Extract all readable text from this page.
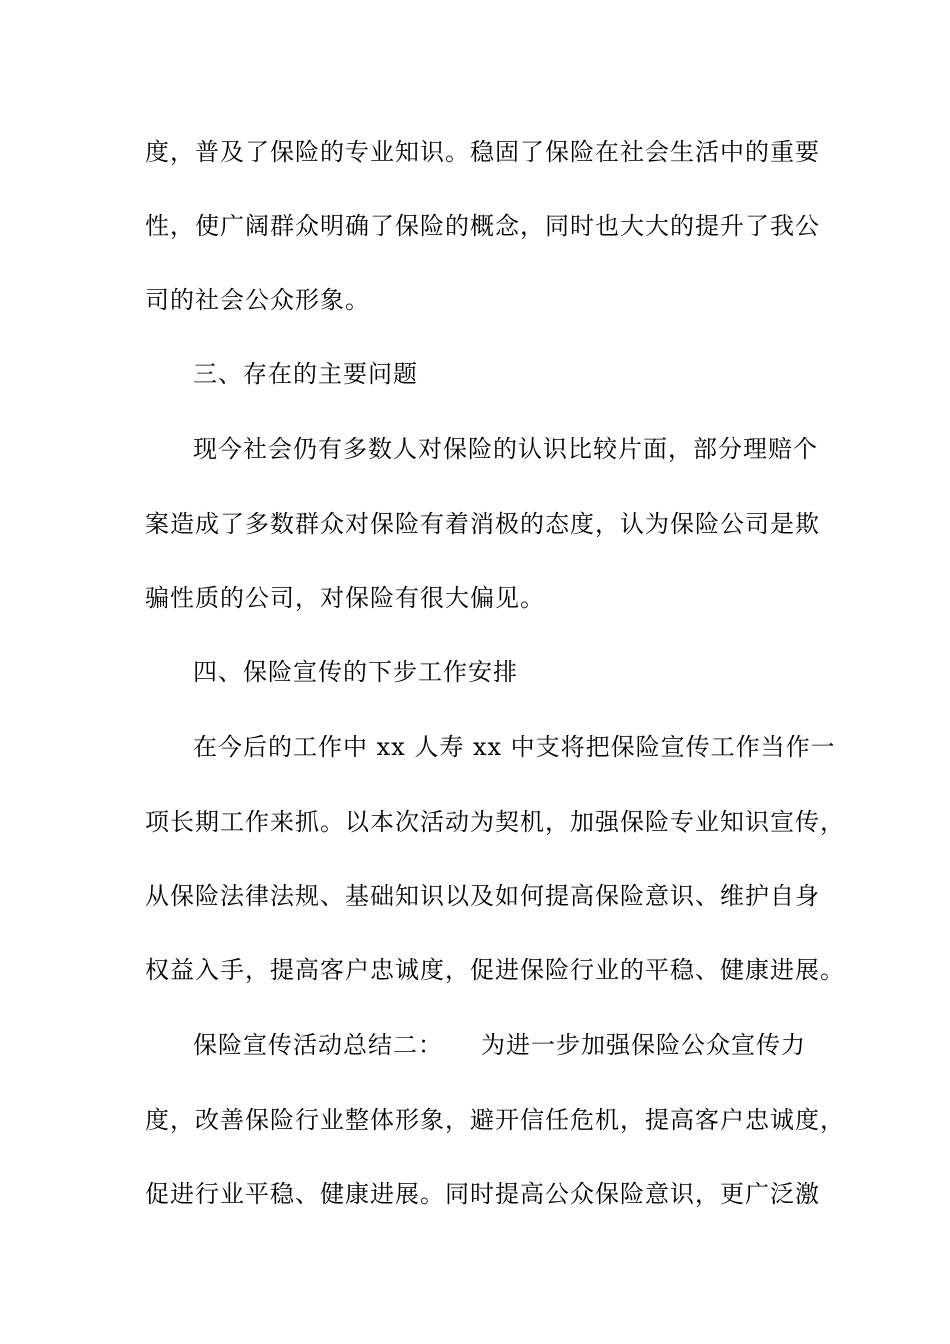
度，普及了保险的专业知识。稳固了保险在社会生活中的重要
性，使广阔群众明确了保险的概念，同时也大大的提升了我公
司的社会公众形象。
三、存在的主要问题
现今社会仍有多数人对保险的认识比较片面，部分理赔个
案造成了多数群众对保险有着消极的态度，认为保险公司是欺
骗性质的公司，对保险有很大偏见。
四、保险宣传的下步工作安排
在今后的工作中 xx 人寿 xx 中支将把保险宣传工作当作一
项长期工作来抓。以本次活动为契机，加强保险专业知识宣传，
从保险法律法规、基础知识以及如何提高保险意识、维护自身
权益入手，提高客户忠诚度，促进保险行业的平稳、健康进展。
保险宣传活动总结二：　　为进一步加强保险公众宣传力
度，改善保险行业整体形象，避开信任危机，提高客户忠诚度，
促进行业平稳、健康进展。同时提高公众保险意识，更广泛激
